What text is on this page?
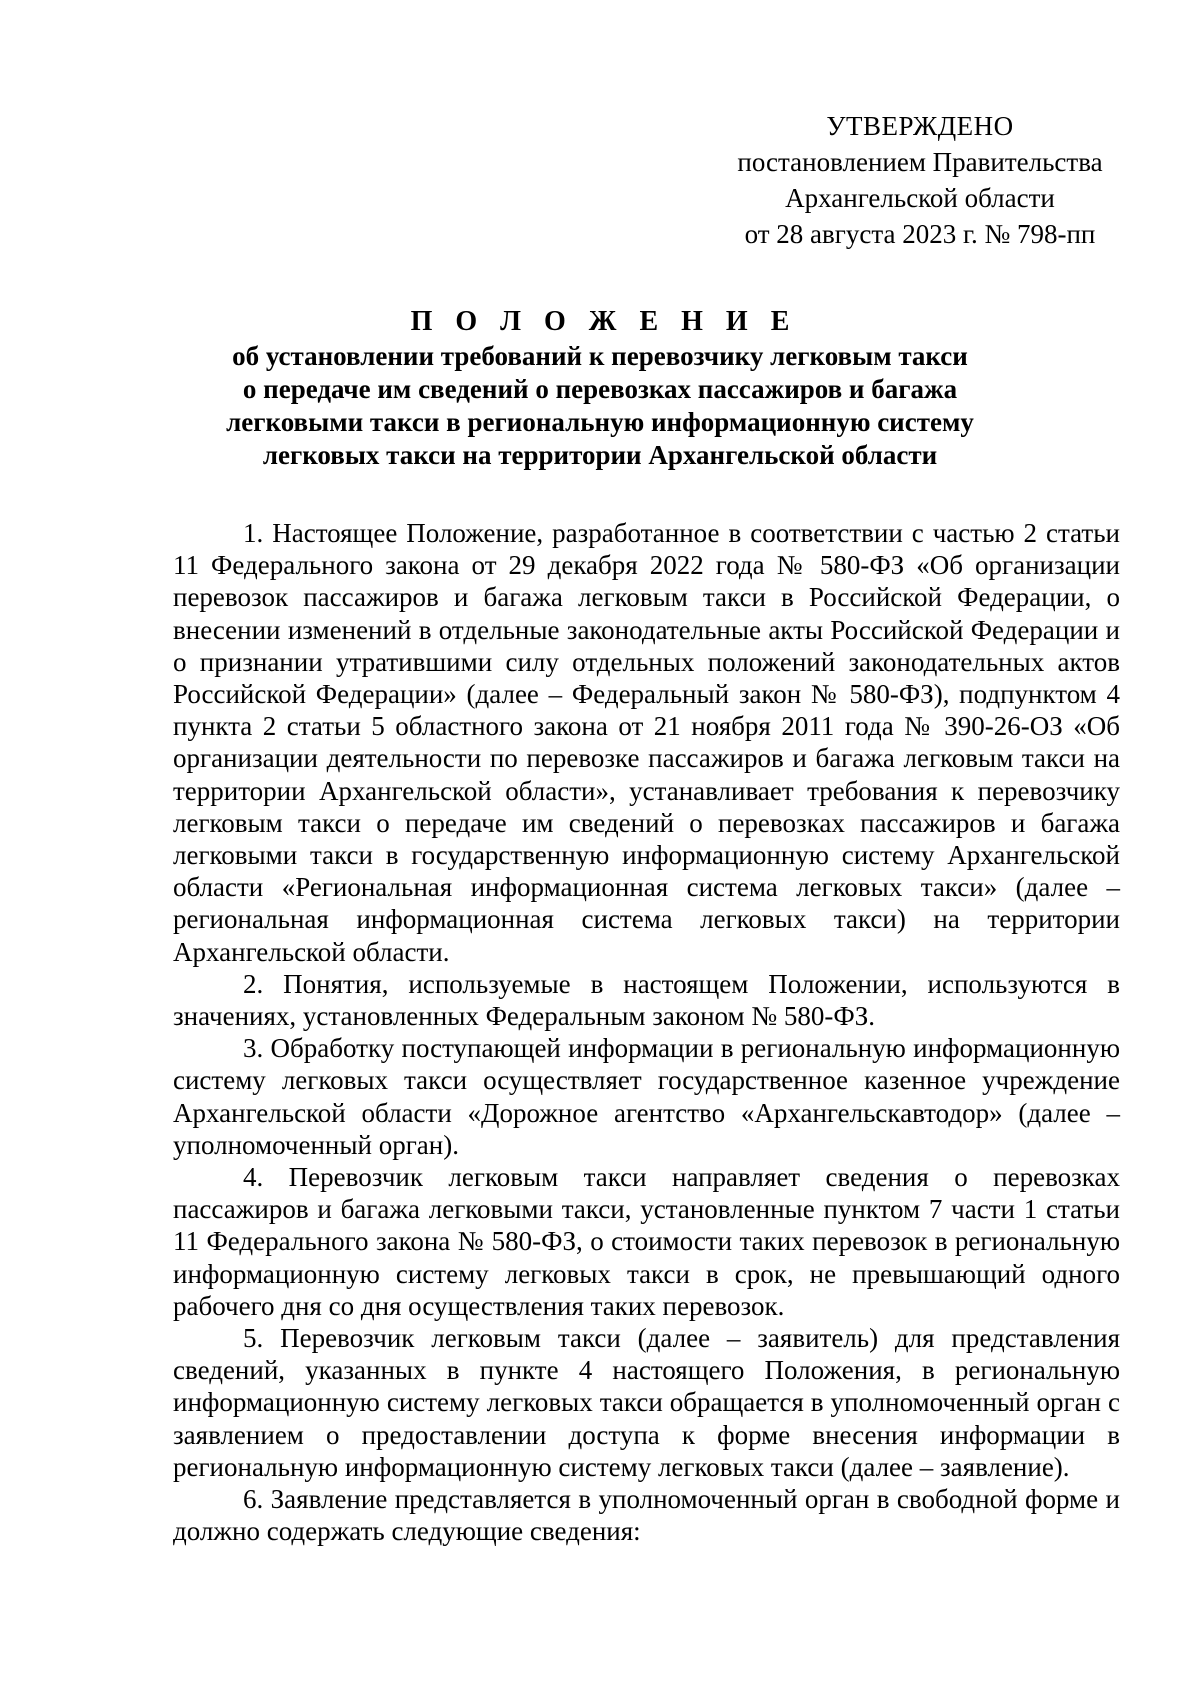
УТВЕРЖДЕНО
постановлением Правительства
Архангельской области
от 28 августа 2023 г. № 798-пп
П О Л О Ж Е Н И Е
об установлении требований к перевозчику легковым такси
о передаче им сведений о перевозках пассажиров и багажа
легковыми такси в региональную информационную систему
легковых такси на территории Архангельской области

1. Настоящее Положение, разработанное в соответствии с частью 2 статьи 11 Федерального закона от 29 декабря 2022 года № 580-ФЗ «Об организации перевозок пассажиров и багажа легковым такси в Российской Федерации, о внесении изменений в отдельные законодательные акты Российской Федерации и о признании утратившими силу отдельных положений законодательных актов Российской Федерации» (далее – Федеральный закон № 580-ФЗ), подпунктом 4 пункта 2 статьи 5 областного закона от 21 ноября 2011 года № 390-26-ОЗ «Об организации деятельности по перевозке пассажиров и багажа легковым такси на территории Архангельской области», устанавливает требования к перевозчику легковым такси о передаче им сведений о перевозках пассажиров и багажа легковыми такси в государственную информационную систему Архангельской области «Региональная информационная система легковых такси» (далее – региональная информационная система легковых такси) на территории Архангельской области.

2. Понятия, используемые в настоящем Положении, используются в значениях, установленных Федеральным законом № 580-ФЗ.

3. Обработку поступающей информации в региональную информационную систему легковых такси осуществляет государственное казенное учреждение Архангельской области «Дорожное агентство «Архангельскавтодор» (далее – уполномоченный орган).

4. Перевозчик легковым такси направляет сведения о перевозках пассажиров и багажа легковыми такси, установленные пунктом 7 части 1 статьи 11 Федерального закона № 580-ФЗ, о стоимости таких перевозок в региональную информационную систему легковых такси в срок, не превышающий одного рабочего дня со дня осуществления таких перевозок.

5. Перевозчик легковым такси (далее – заявитель) для представления сведений, указанных в пункте 4 настоящего Положения, в региональную информационную систему легковых такси обращается в уполномоченный орган с заявлением о предоставлении доступа к форме внесения информации в региональную информационную систему легковых такси (далее – заявление).

6. Заявление представляется в уполномоченный орган в свободной форме и должно содержать следующие сведения:
